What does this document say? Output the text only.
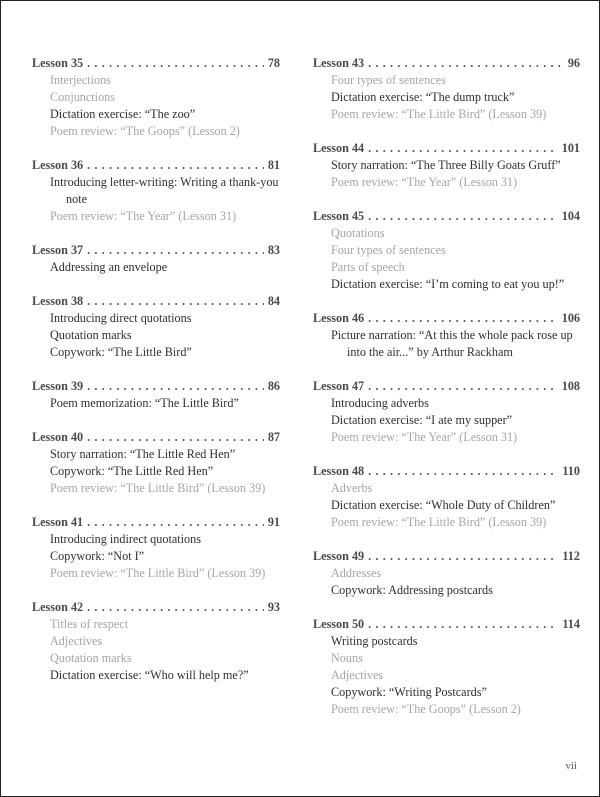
Lesson 35 . . .	78
Interjections
Conjunctions
Dictation exercise: “The zoo”
Poem review: “The Goops” (Lesson 2)
Lesson 36 . . .	81
Introducing letter-writing: Writing a thank-you note
Poem review: “The Year” (Lesson 31)
Lesson 37 . . .	83
Addressing an envelope
Lesson 38 . . .	84
Introducing direct quotations
Quotation marks
Copywork: “The Little Bird”
Lesson 39 . . .	86
Poem memorization: “The Little Bird”
Lesson 40 . . .	87
Story narration: “The Little Red Hen”
Copywork: “The Little Red Hen”
Poem review: “The Little Bird” (Lesson 39)
Lesson 41 . . .	91
Introducing indirect quotations
Copywork: “Not I”
Poem review: “The Little Bird” (Lesson 39)
Lesson 42 . . .	93
Titles of respect
Adjectives
Quotation marks
Dictation exercise: “Who will help me?”
Lesson 43 . . .	96
Four types of sentences
Dictation exercise: “The dump truck”
Poem review: “The Little Bird” (Lesson 39)
Lesson 44 . . .	101
Story narration: “The Three Billy Goats Gruff”
Poem review: “The Year” (Lesson 31)
Lesson 45 . . .	104
Quotations
Four types of sentences
Parts of speech
Dictation exercise: “I’m coming to eat you up!”
Lesson 46 . . .	106
Picture narration: “At this the whole pack rose up into the air...” by Arthur Rackham
Lesson 47 . . .	108
Introducing adverbs
Dictation exercise: “I ate my supper”
Poem review: “The Year” (Lesson 31)
Lesson 48 . . .	110
Adverbs
Dictation exercise: “Whole Duty of Children”
Poem review: “The Little Bird” (Lesson 39)
Lesson 49 . . .	112
Addresses
Copywork: Addressing postcards
Lesson 50 . . .	114
Writing postcards
Nouns
Adjectives
Copywork: “Writing Postcards”
Poem review: “The Goops” (Lesson 2)
vii
